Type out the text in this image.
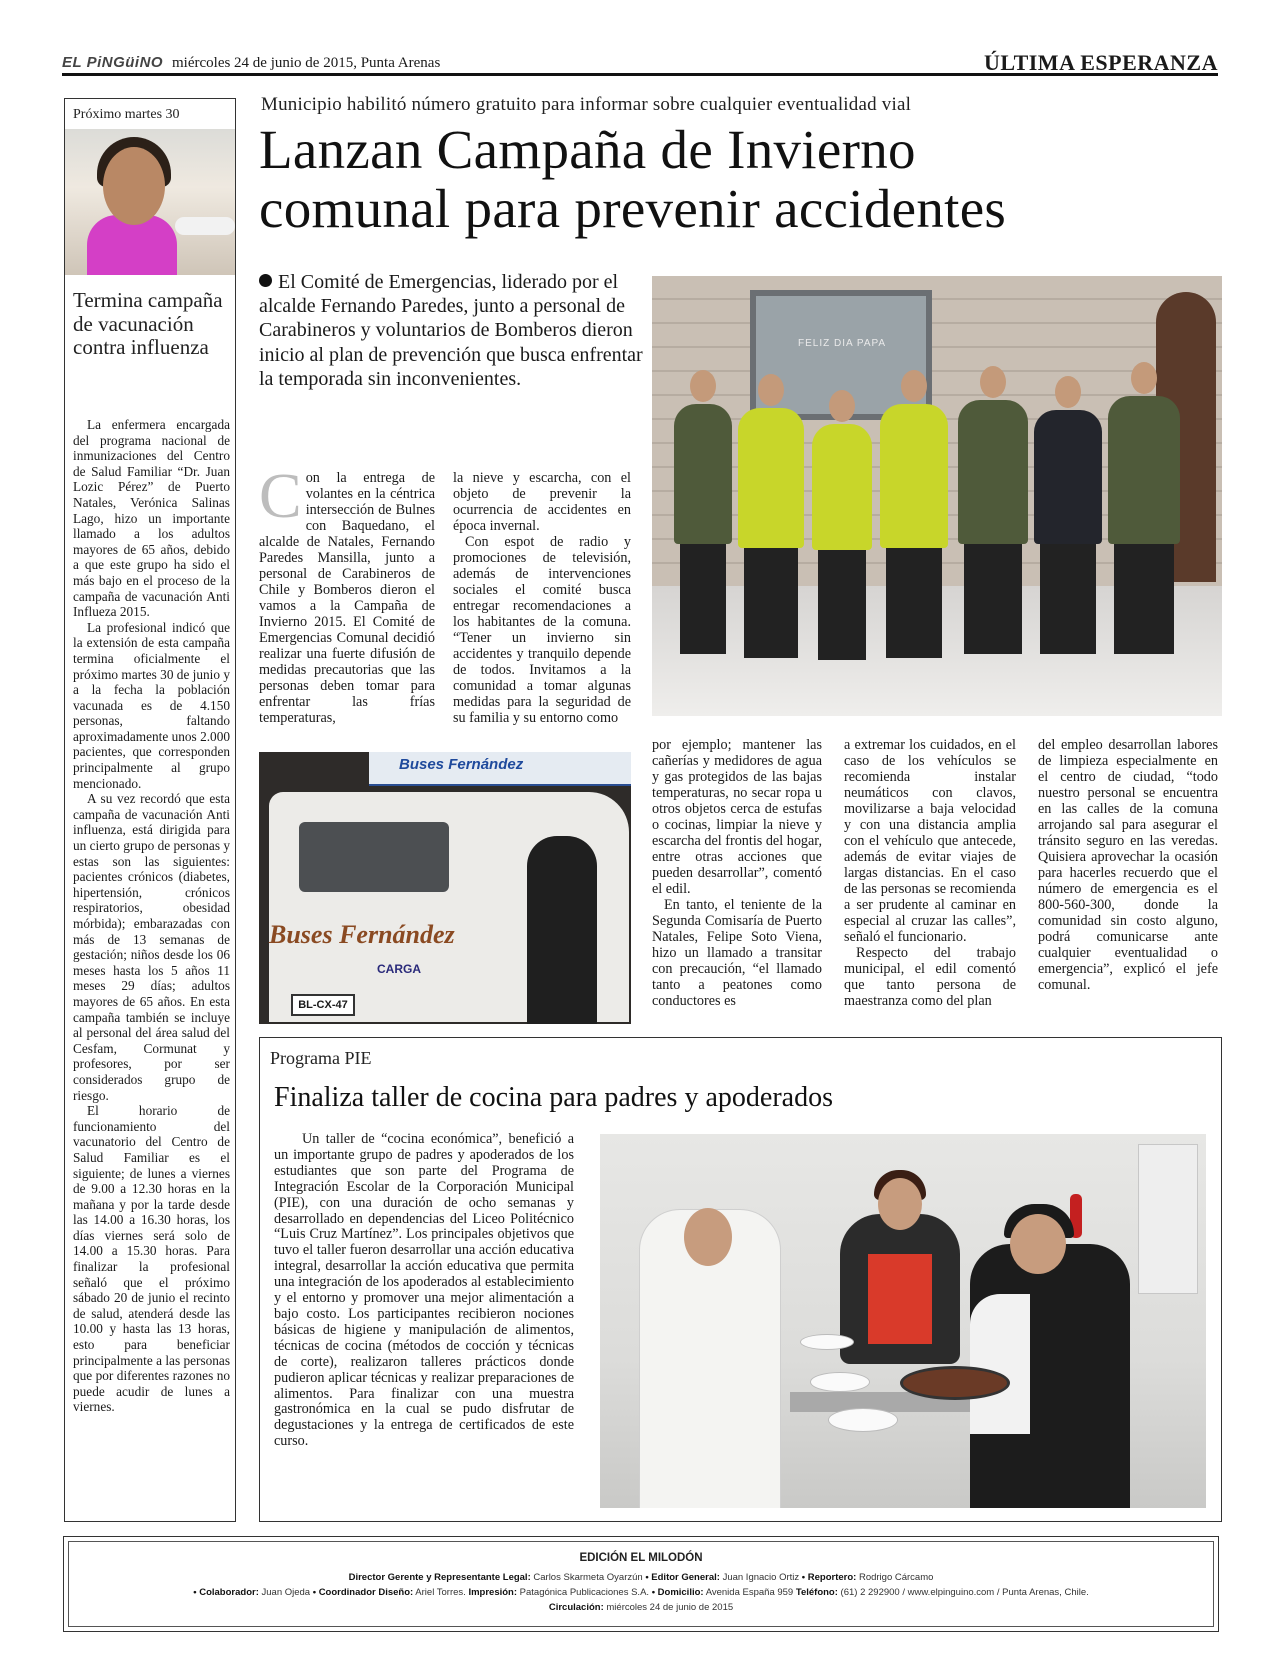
EL PiNGüiNO miércoles 24 de junio de 2015, Punta Arenas	ÚLTIMA ESPERANZA
Próximo martes 30
Termina campaña de vacunación contra influenza

La enfermera encargada del programa nacional de inmunizaciones del Centro de Salud Familiar “Dr. Juan Lozic Pérez” de Puerto Natales, Verónica Salinas Lago, hizo un importante llamado a los adultos mayores de 65 años, debido a que este grupo ha sido el más bajo en el proceso de la campaña de vacunación Anti Influeza 2015.

La profesional indicó que la extensión de esta campaña termina oficialmente el próximo martes 30 de junio y a la fecha la población vacunada es de 4.150 personas, faltando aproximadamente unos 2.000 pacientes, que corresponden principalmente al grupo mencionado.

A su vez recordó que esta campaña de vacunación Anti influenza, está dirigida para un cierto grupo de personas y estas son las siguientes: pacientes crónicos (diabetes, hipertensión, crónicos respiratorios, obesidad mórbida); embarazadas con más de 13 semanas de gestación; niños desde los 06 meses hasta los 5 años 11 meses 29 días; adultos mayores de 65 años. En esta campaña también se incluye al personal del área salud del Cesfam, Cormunat y profesores, por ser considerados grupo de riesgo.

El horario de funcionamiento del vacunatorio del Centro de Salud Familiar es el siguiente; de lunes a viernes de 9.00 a 12.30 horas en la mañana y por la tarde desde las 14.00 a 16.30 horas, los días viernes será solo de 14.00 a 15.30 horas. Para finalizar la profesional señaló que el próximo sábado 20 de junio el recinto de salud, atenderá desde las 10.00 y hasta las 13 horas, esto para beneficiar principalmente a las personas que por diferentes razones no puede acudir de lunes a viernes.

Municipio habilitó número gratuito para informar sobre cualquier eventualidad vial
Lanzan Campaña de Invierno
comunal para prevenir accidentes
El Comité de Emergencias, liderado por el alcalde Fernando Paredes, junto a personal de Carabineros y voluntarios de Bomberos dieron inicio al plan de prevención que busca enfrentar la temporada sin inconvenientes.
FELIZ DIA PAPA
C on la entrega de volantes en la céntrica intersección de Bulnes con Baquedano, el alcalde de Natales, Fernando Paredes Mansilla, junto a personal de Carabineros de Chile y Bomberos dieron el vamos a la Campaña de Invierno 2015. El Comité de Emergencias Comunal decidió realizar una fuerte difusión de medidas precautorias que las personas deben tomar para enfrentar las frías temperaturas,

la nieve y escarcha, con el objeto de prevenir la ocurrencia de accidentes en época invernal.

Con espot de radio y promociones de televisión, además de intervenciones sociales el comité busca entregar recomendaciones a los habitantes de la comuna. “Tener un invierno sin accidentes y tranquilo depende de todos. Invitamos a la comunidad a tomar algunas medidas para la seguridad de su familia y su entorno como

Buses Fernández
Buses Fernández
CARGA
BL-CX-47

por ejemplo; mantener las cañerías y medidores de agua y gas protegidos de las bajas temperaturas, no secar ropa u otros objetos cerca de estufas o cocinas, limpiar la nieve y escarcha del frontis del hogar, entre otras acciones que pueden desarrollar”, comentó el edil.

En tanto, el teniente de la Segunda Comisaría de Puerto Natales, Felipe Soto Viena, hizo un llamado a transitar con precaución, “el llamado tanto a peatones como conductores es

a extremar los cuidados, en el caso de los vehículos se recomienda instalar neumáticos con clavos, movilizarse a baja velocidad y con una distancia amplia con el vehículo que antecede, además de evitar viajes de largas distancias. En el caso de las personas se recomienda a ser prudente al caminar en especial al cruzar las calles”, señaló el funcionario.

Respecto del trabajo municipal, el edil comentó que tanto persona de maestranza como del plan

del empleo desarrollan labores de limpieza especialmente en el centro de ciudad, “todo nuestro personal se encuentra en las calles de la comuna arrojando sal para asegurar el tránsito seguro en las veredas. Quisiera aprovechar la ocasión para hacerles recuerdo que el número de emergencia es el 800-560-300, donde la comunidad sin costo alguno, podrá comunicarse ante cualquier eventualidad o emergencia”, explicó el jefe comunal.

Programa PIE
Finaliza taller de cocina para padres y apoderados

Un taller de “cocina económica”, benefició a un importante grupo de padres y apoderados de los estudiantes que son parte del Programa de Integración Escolar de la Corporación Municipal (PIE), con una duración de ocho semanas y desarrollado en dependencias del Liceo Politécnico “Luis Cruz Martínez”. Los principales objetivos que tuvo el taller fueron desarrollar una acción educativa integral, desarrollar la acción educativa que permita una integración de los apoderados al establecimiento y el entorno y promover una mejor alimentación a bajo costo. Los participantes recibieron nociones básicas de higiene y manipulación de alimentos, técnicas de cocina (métodos de cocción y técnicas de corte), realizaron talleres prácticos donde pudieron aplicar técnicas y realizar preparaciones de alimentos. Para finalizar con una muestra gastronómica en la cual se pudo disfrutar de degustaciones y la entrega de certificados de este curso.

EDICIÓN EL MILODÓN
Director Gerente y Representante Legal: Carlos Skarmeta Oyarzún • Editor General: Juan Ignacio Ortiz • Reportero: Rodrigo Cárcamo
• Colaborador: Juan Ojeda • Coordinador Diseño: Ariel Torres. Impresión: Patagónica Publicaciones S.A. • Domicilio: Avenida España 959 Teléfono: (61) 2 292900 / www.elpinguino.com / Punta Arenas, Chile.
Circulación: miércoles 24 de junio de 2015
